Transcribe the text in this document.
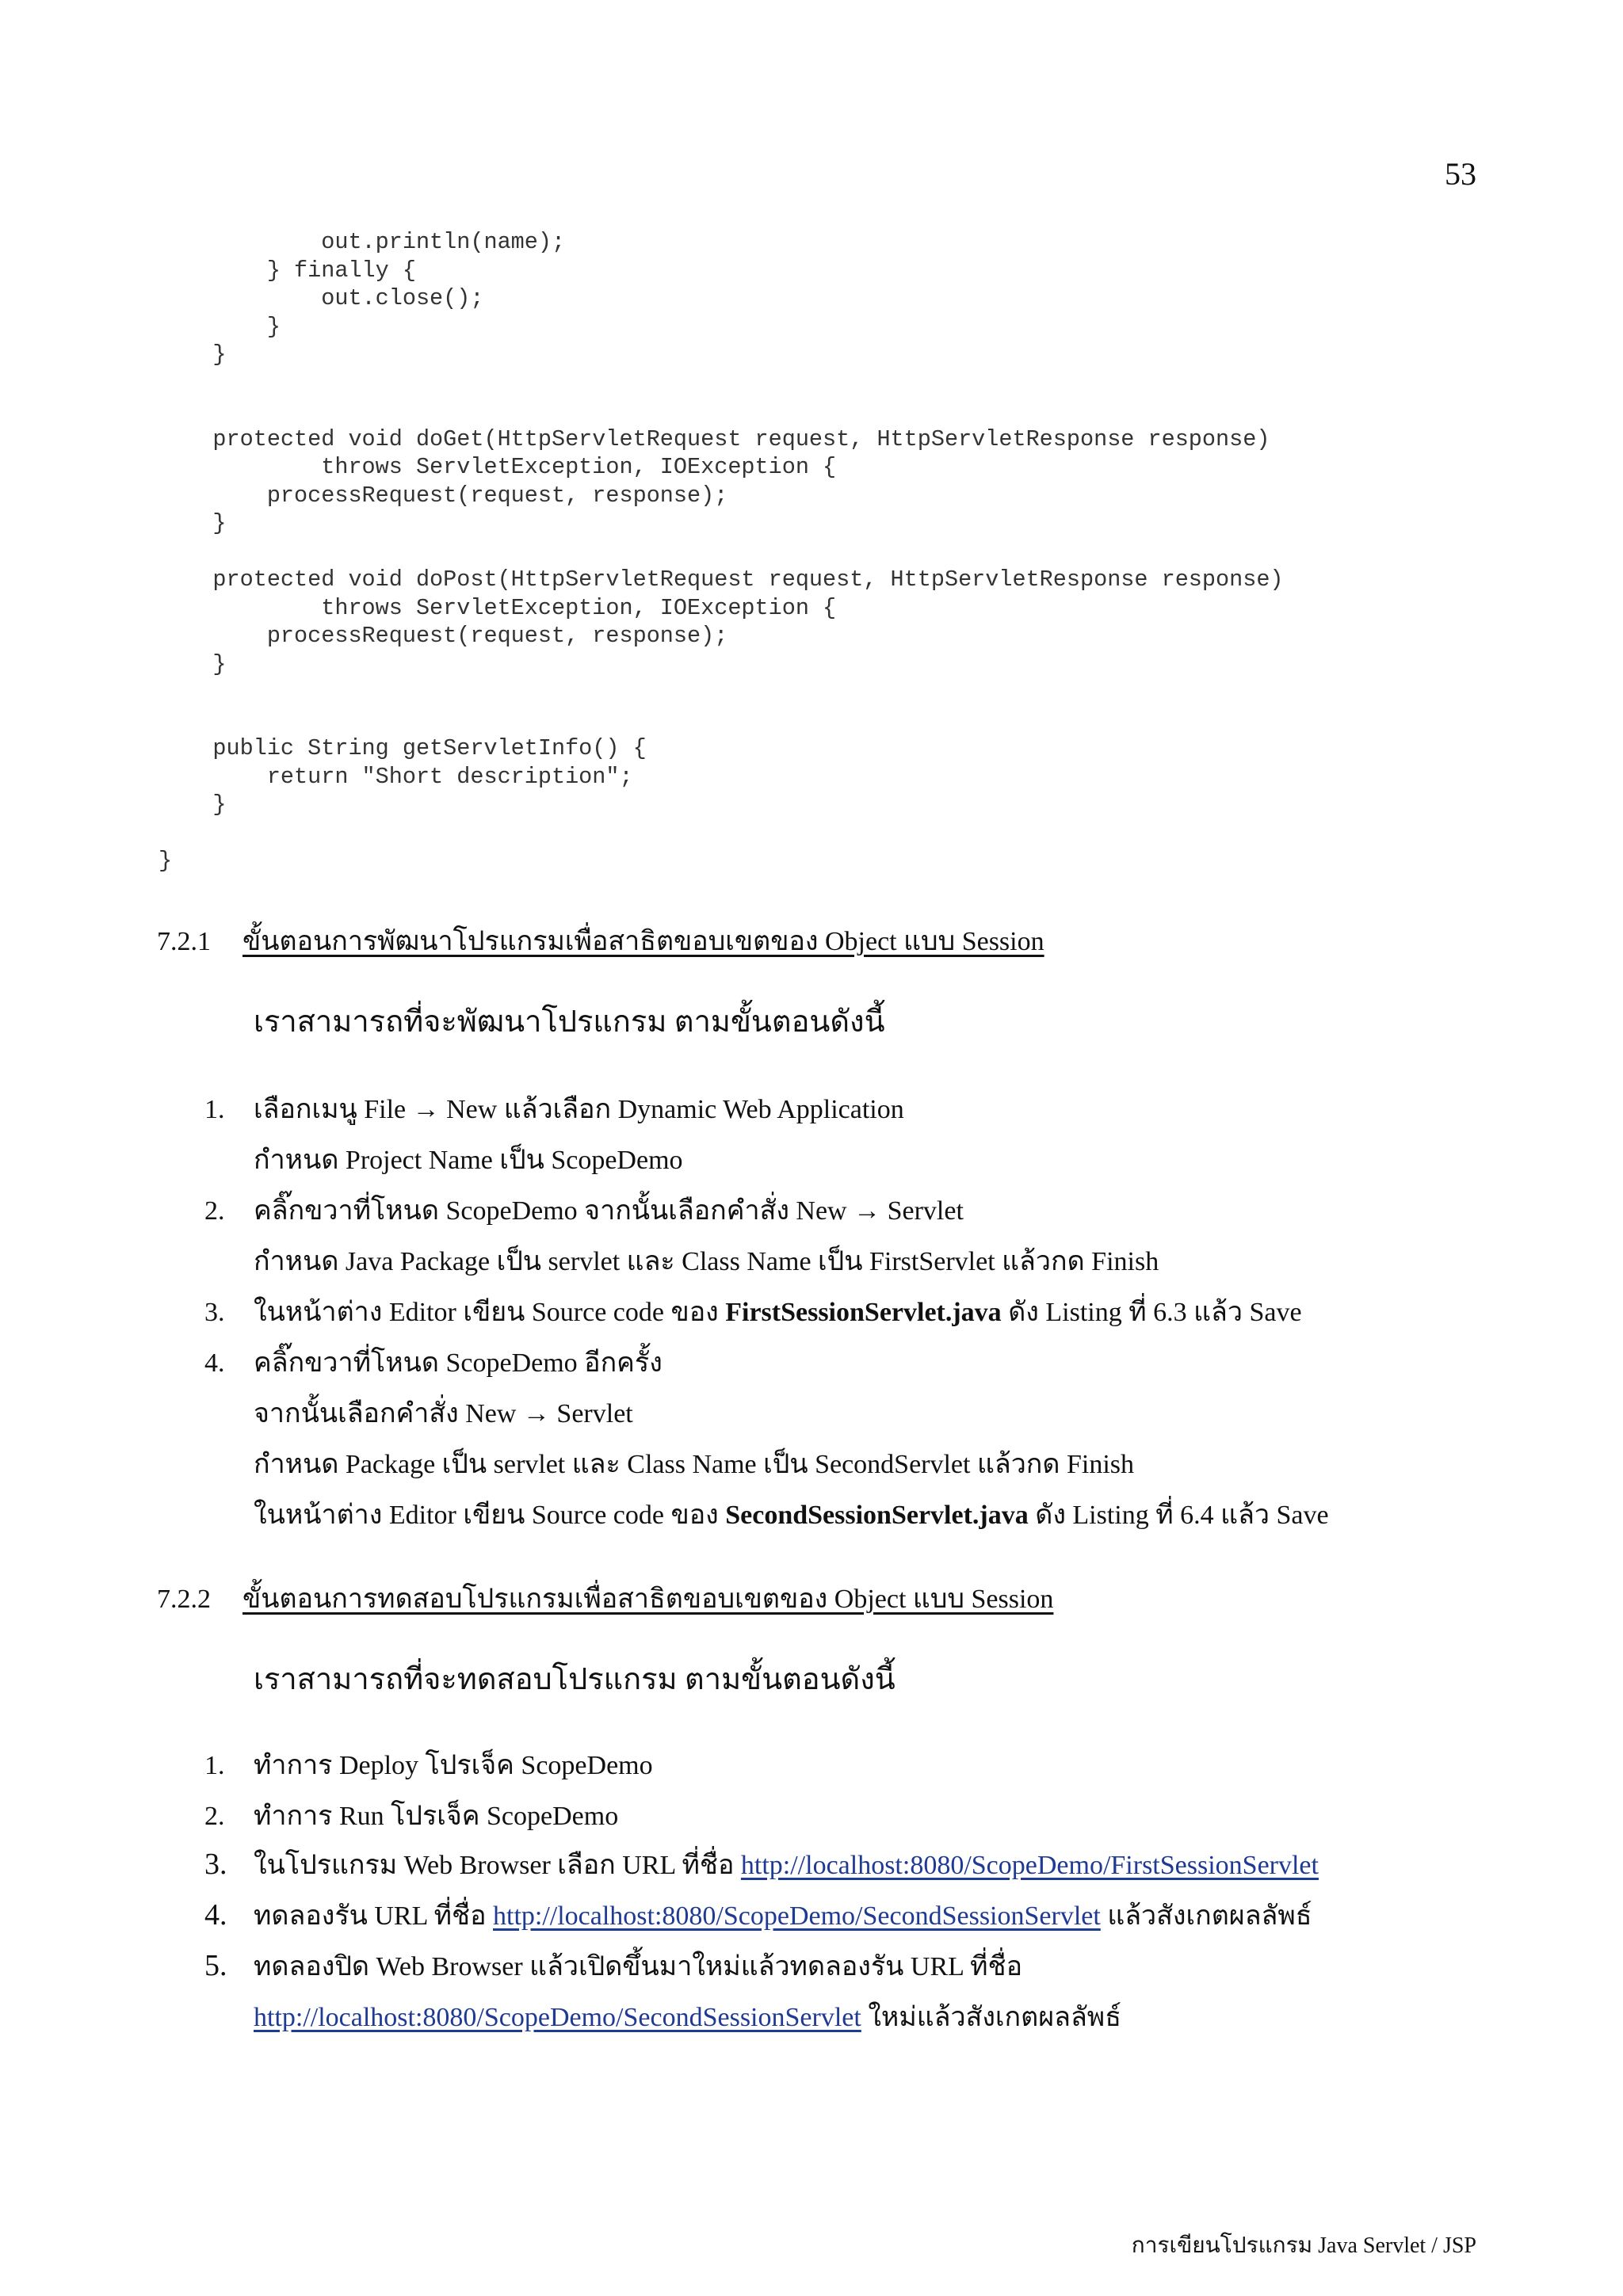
53
out.println(name);
} finally {
out.close();
}
}

protected void doGet(HttpServletRequest request, HttpServletResponse response)
throws ServletException, IOException {
processRequest(request, response);
}

protected void doPost(HttpServletRequest request, HttpServletResponse response)
throws ServletException, IOException {
processRequest(request, response);
}

public String getServletInfo() {
return "Short description";
}

}
7.2.1 ขั้นตอนการพัฒนาโปรแกรมเพื่อสาธิตขอบเขตของ Object แบบ Session
เราสามารถที่จะพัฒนาโปรแกรม ตามขั้นตอนดังนี้
1. เลือกเมนู File → New แล้วเลือก Dynamic Web Application
กำหนด Project Name เป็น ScopeDemo
2. คลิ๊กขวาที่โหนด ScopeDemo จากนั้นเลือกคำสั่ง New → Servlet
กำหนด Java Package เป็น servlet และ Class Name เป็น FirstServlet แล้วกด Finish
3. ในหน้าต่าง Editor เขียน Source code ของ FirstSessionServlet.java ดัง Listing ที่ 6.3 แล้ว Save
4. คลิ๊กขวาที่โหนด ScopeDemo อีกครั้ง
จากนั้นเลือกคำสั่ง New → Servlet
กำหนด Package เป็น servlet และ Class Name เป็น SecondServlet แล้วกด Finish
ในหน้าต่าง Editor เขียน Source code ของ SecondSessionServlet.java ดัง Listing ที่ 6.4 แล้ว Save
7.2.2 ขั้นตอนการทดสอบโปรแกรมเพื่อสาธิตขอบเขตของ Object แบบ Session
เราสามารถที่จะทดสอบโปรแกรม ตามขั้นตอนดังนี้
1. ทำการ Deploy โปรเจ็ค ScopeDemo
2. ทำการ Run โปรเจ็ค ScopeDemo
3. ในโปรแกรม Web Browser เลือก URL ที่ชื่อ http://localhost:8080/ScopeDemo/FirstSessionServlet
4. ทดลองรัน URL ที่ชื่อ http://localhost:8080/ScopeDemo/SecondSessionServlet แล้วสังเกตผลลัพธ์
5. ทดลองปิด Web Browser แล้วเปิดขึ้นมาใหม่แล้วทดลองรัน URL ที่ชื่อ
http://localhost:8080/ScopeDemo/SecondSessionServlet ใหม่แล้วสังเกตผลลัพธ์
การเขียนโปรแกรม Java Servlet / JSP
